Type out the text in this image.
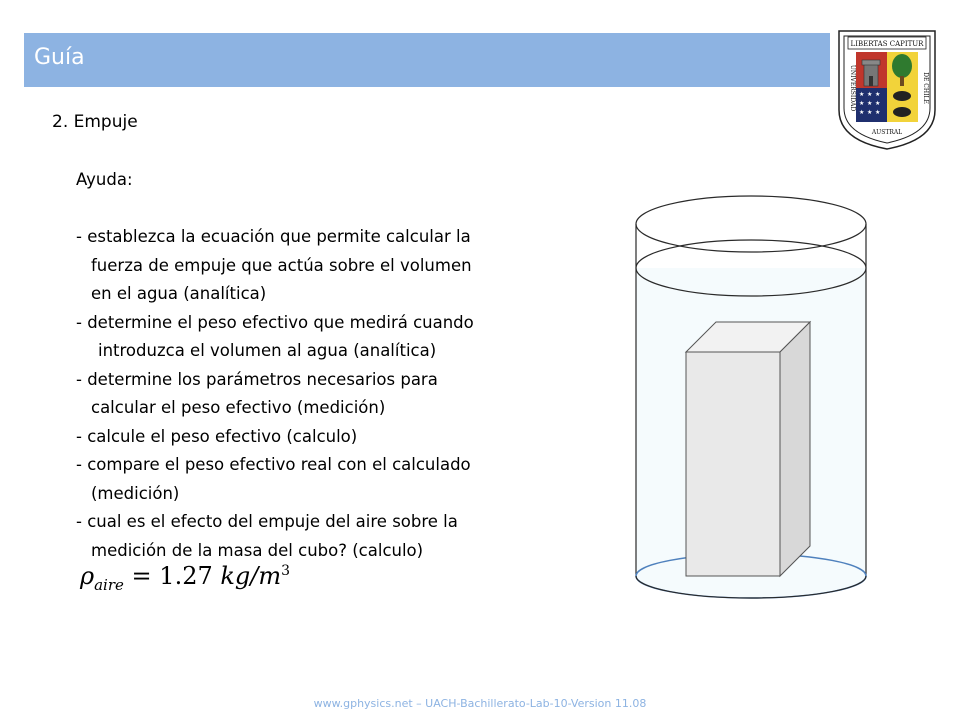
Guía
LIBERTAS CAPITUR
★ ★ ★
★ ★ ★
★ ★ ★
UNIVERSIDAD
AUSTRAL
DE CHILE
2. Empuje
Ayuda:
- establezca la ecuación que permite calcular la
fuerza de empuje que actúa sobre el volumen
en el agua (analítica)
- determine el peso efectivo que medirá cuando
introduzca el volumen al agua (analítica)
- determine los parámetros necesarios para
calcular el peso efectivo (medición)
- calcule el peso efectivo (calculo)
- compare el peso efectivo real con el calculado
(medición)
- cual es el efecto del empuje del aire sobre la
medición de la masa del cubo? (calculo)
$\rho_{aire} = 1.27$ $kg/m^3$
www.gphysics.net – UACH-Bachillerato-Lab-10-Version 11.08
